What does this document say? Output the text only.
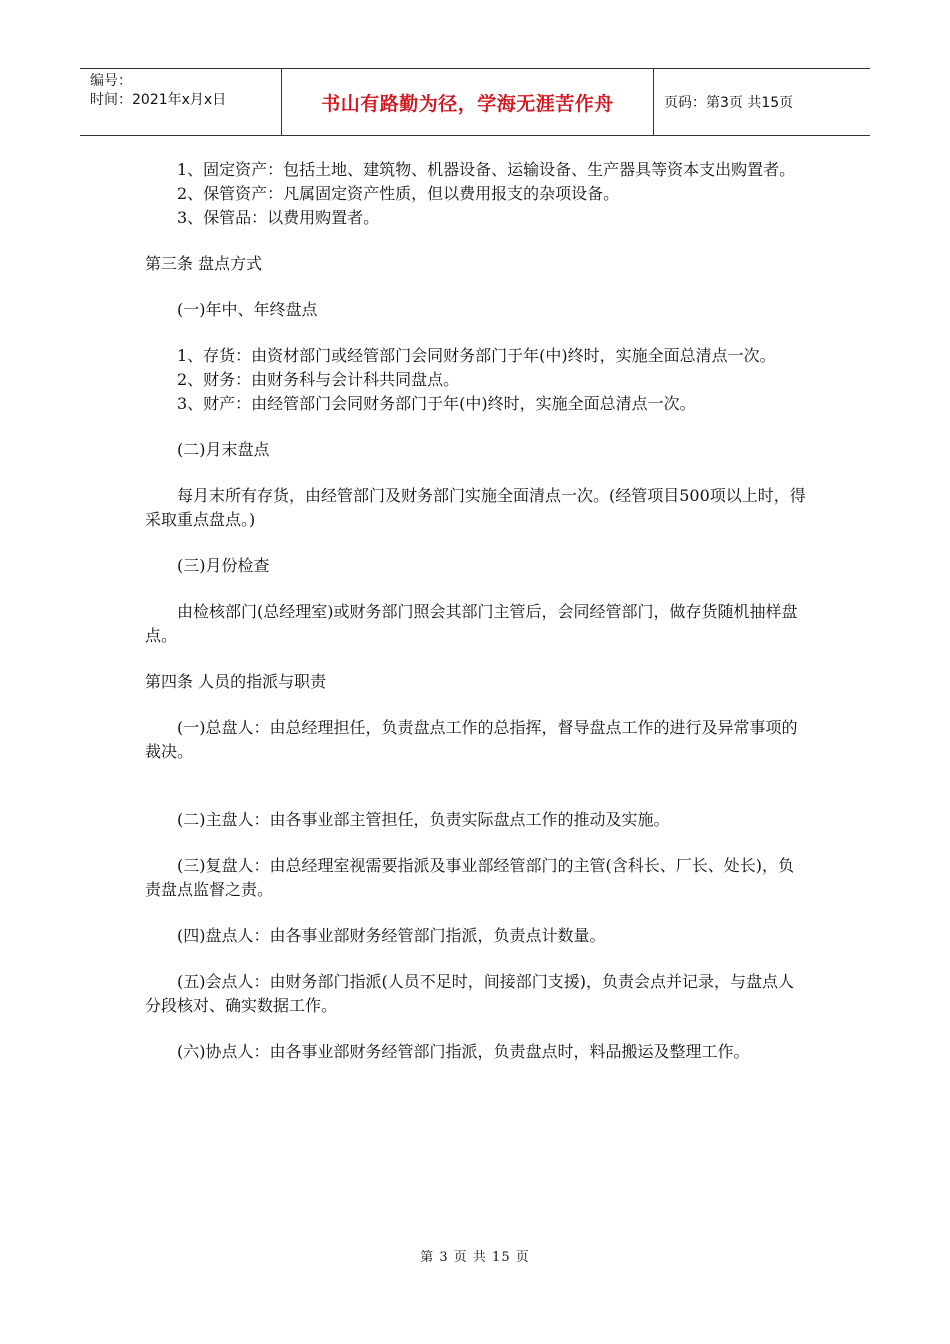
编号：
时间：2021年x月x日	书山有路勤为径，学海无涯苦作舟	页码：第3页 共15页

1、固定资产：包括土地、建筑物、机器设备、运输设备、生产器具等资本支出购置者。

2、保管资产：凡属固定资产性质，但以费用报支的杂项设备。

3、保管品：以费用购置者。

第三条 盘点方式

(一)年中、年终盘点

1、存货：由资材部门或经管部门会同财务部门于年(中)终时，实施全面总清点一次。

2、财务：由财务科与会计科共同盘点。

3、财产：由经管部门会同财务部门于年(中)终时，实施全面总清点一次。

(二)月末盘点

每月末所有存货，由经管部门及财务部门实施全面清点一次。(经管项目500项以上时，得采取重点盘点。)

(三)月份检查

由检核部门(总经理室)或财务部门照会其部门主管后，会同经管部门，做存货随机抽样盘点。

第四条 人员的指派与职责

(一)总盘人：由总经理担任，负责盘点工作的总指挥，督导盘点工作的进行及异常事项的裁决。

(二)主盘人：由各事业部主管担任，负责实际盘点工作的推动及实施。

(三)复盘人：由总经理室视需要指派及事业部经管部门的主管(含科长、厂长、处长)，负责盘点监督之责。

(四)盘点人：由各事业部财务经管部门指派，负责点计数量。

(五)会点人：由财务部门指派(人员不足时，间接部门支援)，负责会点并记录，与盘点人分段核对、确实数据工作。

(六)协点人：由各事业部财务经管部门指派，负责盘点时，料品搬运及整理工作。

第 3 页 共 15 页
